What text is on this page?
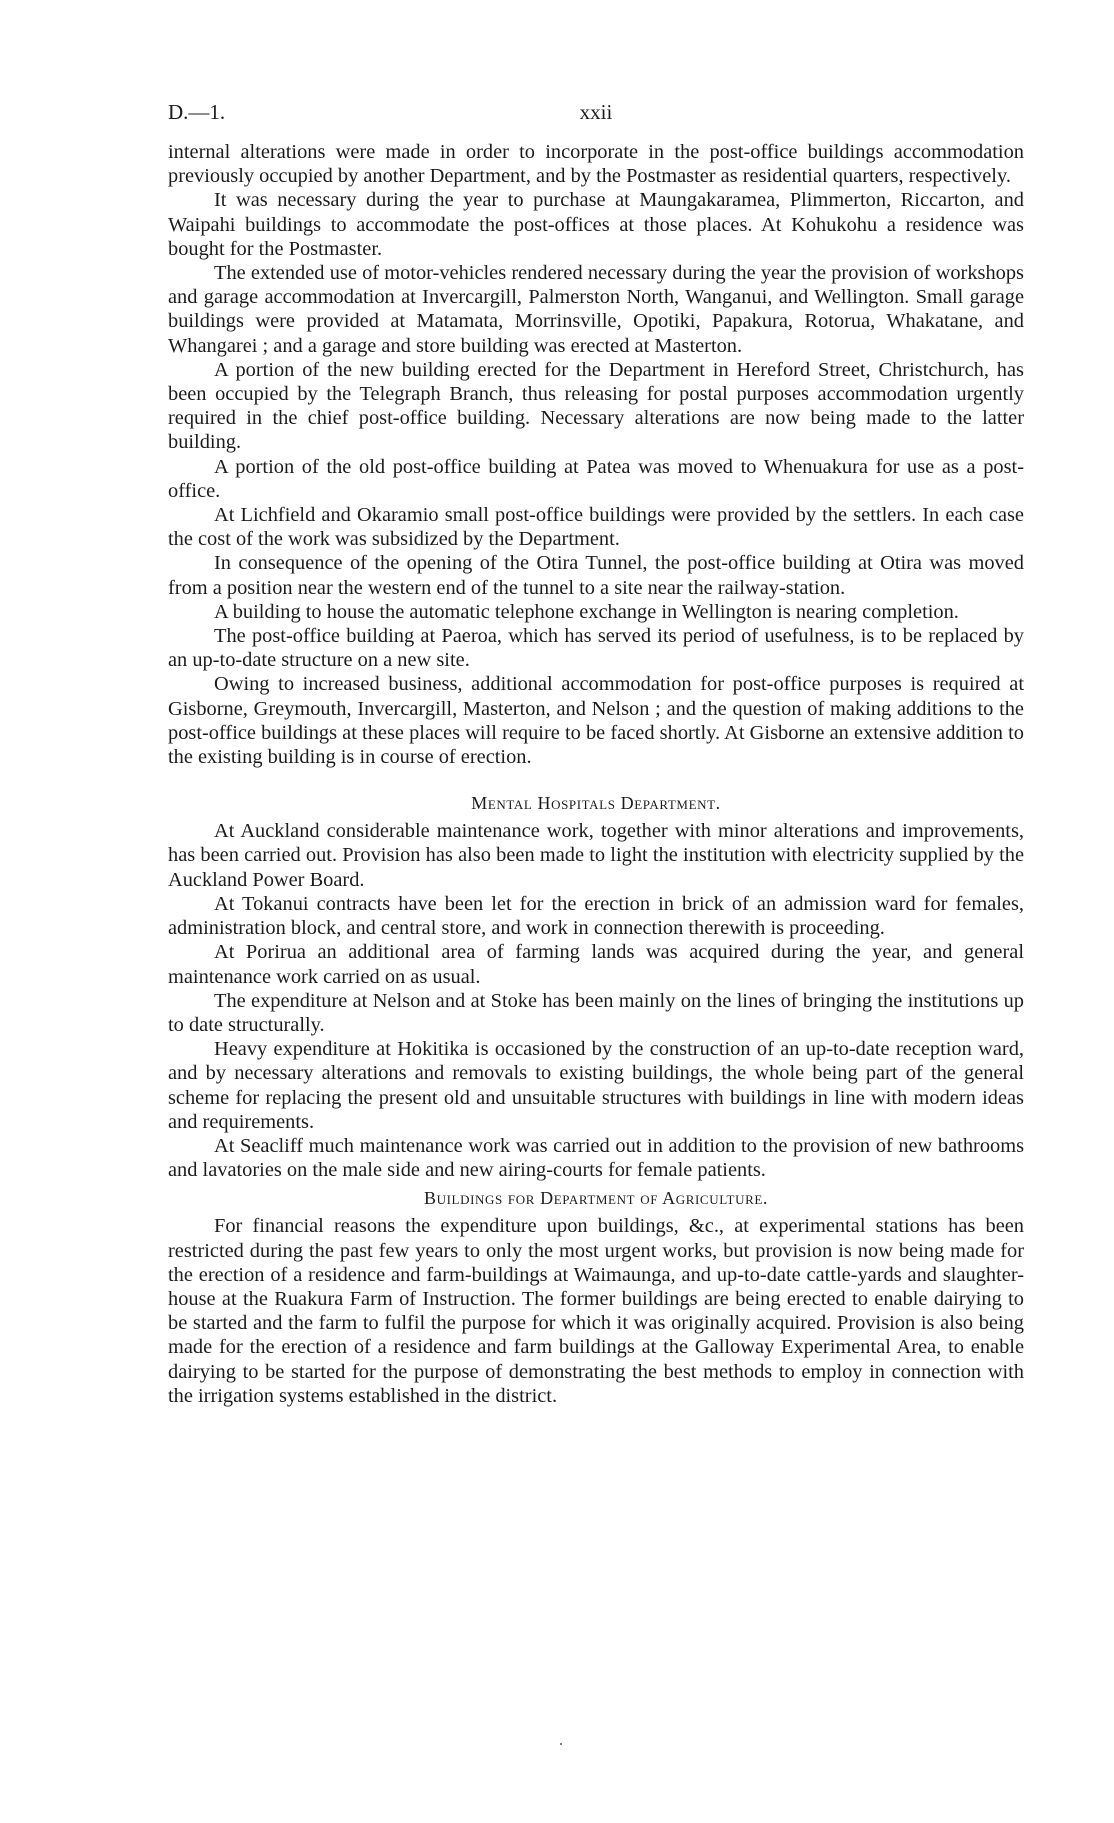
D.—1.	xxii

internal alterations were made in order to incorporate in the post-office buildings accommodation previously occupied by another Department, and by the Postmaster as residential quarters, respectively.

It was necessary during the year to purchase at Maungakaramea, Plimmerton, Riccarton, and Waipahi buildings to accommodate the post-offices at those places. At Kohukohu a residence was bought for the Postmaster.

The extended use of motor-vehicles rendered necessary during the year the provision of workshops and garage accommodation at Invercargill, Palmerston North, Wanganui, and Wellington. Small garage buildings were provided at Matamata, Morrinsville, Opotiki, Papakura, Rotorua, Whakatane, and Whangarei ; and a garage and store building was erected at Masterton.

A portion of the new building erected for the Department in Hereford Street, Christchurch, has been occupied by the Telegraph Branch, thus releasing for postal purposes accommodation urgently required in the chief post-office building. Necessary alterations are now being made to the latter building.

A portion of the old post-office building at Patea was moved to Whenuakura for use as a post-office.

At Lichfield and Okaramio small post-office buildings were provided by the settlers. In each case the cost of the work was subsidized by the Department.

In consequence of the opening of the Otira Tunnel, the post-office building at Otira was moved from a position near the western end of the tunnel to a site near the railway-station.

A building to house the automatic telephone exchange in Wellington is nearing completion.

The post-office building at Paeroa, which has served its period of usefulness, is to be replaced by an up-to-date structure on a new site.

Owing to increased business, additional accommodation for post-office purposes is required at Gisborne, Greymouth, Invercargill, Masterton, and Nelson ; and the question of making additions to the post-office buildings at these places will require to be faced shortly. At Gisborne an extensive addition to the existing building is in course of erection.

Mental Hospitals Department.

At Auckland considerable maintenance work, together with minor alterations and improvements, has been carried out. Provision has also been made to light the institution with electricity supplied by the Auckland Power Board.

At Tokanui contracts have been let for the erection in brick of an admission ward for females, administration block, and central store, and work in connection therewith is proceeding.

At Porirua an additional area of farming lands was acquired during the year, and general maintenance work carried on as usual.

The expenditure at Nelson and at Stoke has been mainly on the lines of bringing the institutions up to date structurally.

Heavy expenditure at Hokitika is occasioned by the construction of an up-to-date reception ward, and by necessary alterations and removals to existing buildings, the whole being part of the general scheme for replacing the present old and unsuitable structures with buildings in line with modern ideas and requirements.

At Seacliff much maintenance work was carried out in addition to the provision of new bathrooms and lavatories on the male side and new airing-courts for female patients.

Buildings for Department of Agriculture.

For financial reasons the expenditure upon buildings, &c., at experimental stations has been restricted during the past few years to only the most urgent works, but provision is now being made for the erection of a residence and farm-buildings at Waimaunga, and up-to-date cattle-yards and slaughter-house at the Ruakura Farm of Instruction. The former buildings are being erected to enable dairying to be started and the farm to fulfil the purpose for which it was originally acquired. Provision is also being made for the erection of a residence and farm buildings at the Galloway Experimental Area, to enable dairying to be started for the purpose of demonstrating the best methods to employ in connection with the irrigation systems established in the district.
